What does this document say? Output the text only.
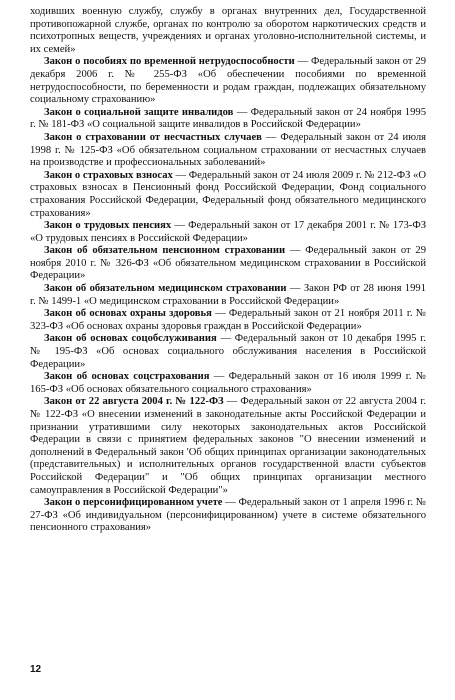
ходивших военную службу, службу в органах внутренних дел, Государственной противопожарной службе, органах по контролю за оборотом наркотических средств и психотропных веществ, учреждениях и органах уголовно-исполнительной системы, и их семей»

Закон о пособиях по временной нетрудоспособности — Федеральный закон от 29 декабря 2006 г. № 255-ФЗ «Об обеспечении пособиями по временной нетрудоспособности, по беременности и родам граждан, подлежащих обязательному социальному страхованию»

Закон о социальной защите инвалидов — Федеральный закон от 24 ноября 1995 г. № 181-ФЗ «О социальной защите инвалидов в Российской Федерации»

Закон о страховании от несчастных случаев — Федеральный закон от 24 июля 1998 г. № 125-ФЗ «Об обязательном социальном страховании от несчастных случаев на производстве и профессиональных заболеваний»

Закон о страховых взносах — Федеральный закон от 24 июля 2009 г. № 212-ФЗ «О страховых взносах в Пенсионный фонд Российской Федерации, Фонд социального страхования Российской Федерации, Федеральный фонд обязательного медицинского страхования»

Закон о трудовых пенсиях — Федеральный закон от 17 декабря 2001 г. № 173-ФЗ «О трудовых пенсиях в Российской Федерации»

Закон об обязательном пенсионном страховании — Федеральный закон от 29 ноября 2010 г. № 326-ФЗ «Об обязательном медицинском страховании в Российской Федерации»

Закон об обязательном медицинском страховании — Закон РФ от 28 июня 1991 г. № 1499-1 «О медицинском страховании в Российской Федерации»

Закон об основах охраны здоровья — Федеральный закон от 21 ноября 2011 г. № 323-ФЗ «Об основах охраны здоровья граждан в Российской Федерации»

Закон об основах соцобслуживания — Федеральный закон от 10 декабря 1995 г. № 195-ФЗ «Об основах социального обслуживания населения в Российской Федерации»

Закон об основах соцстрахования — Федеральный закон от 16 июля 1999 г. № 165-ФЗ «Об основах обязательного социального страхования»

Закон от 22 августа 2004 г. № 122-ФЗ — Федеральный закон от 22 августа 2004 г. № 122-ФЗ «О внесении изменений в законодательные акты Российской Федерации и признании утратившими силу некоторых законодательных актов Российской Федерации в связи с принятием федеральных законов "О внесении изменений и дополнений в Федеральный закон 'Об общих принципах организации законодательных (представительных) и исполнительных органов государственной власти субъектов Российской Федерации" и "Об общих принципах организации местного самоуправления в Российской Федерации"»

Закон о персонифицированном учете — Федеральный закон от 1 апреля 1996 г. № 27-ФЗ «Об индивидуальном (персонифицированном) учете в системе обязательного пенсионного страхования»

12
